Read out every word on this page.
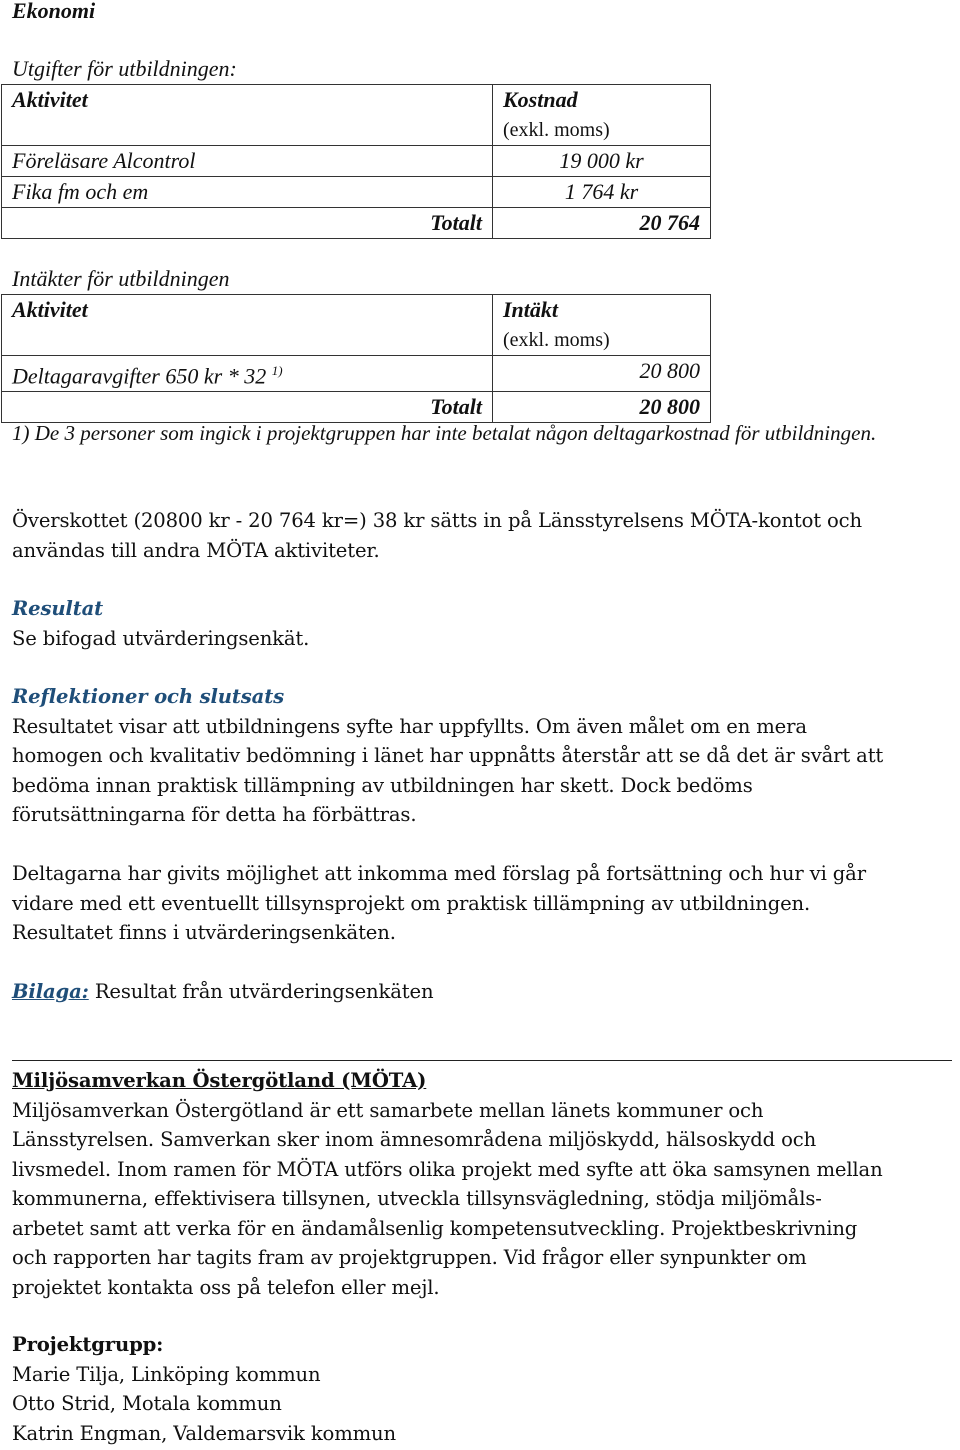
Ekonomi
Utgifter för utbildningen:
Aktivitet	Kostnad
(exkl. moms)

Föreläsare Alcontrol	19 000 kr
Fika fm och em	1 764 kr
Totalt	20 764
Intäkter för utbildningen
Aktivitet	Intäkt
(exkl. moms)

Deltagaravgifter 650 kr * 32 $^{1)}$	20 800
Totalt	20 800
1) De 3 personer som ingick i projektgruppen har inte betalat någon deltagarkostnad för utbildningen.
Överskottet (20800 kr - 20 764 kr=) 38 kr sätts in på Länsstyrelsens MÖTA-kontot och
användas till andra MÖTA aktiviteter.
Resultat
Se bifogad utvärderingsenkät.
Reflektioner och slutsats
Resultatet visar att utbildningens syfte har uppfyllts. Om även målet om en mera
homogen och kvalitativ bedömning i länet har uppnåtts återstår att se då det är svårt att
bedöma innan praktisk tillämpning av utbildningen har skett. Dock bedöms
förutsättningarna för detta ha förbättras.
Deltagarna har givits möjlighet att inkomma med förslag på fortsättning och hur vi går
vidare med ett eventuellt tillsynsprojekt om praktisk tillämpning av utbildningen.
Resultatet finns i utvärderingsenkäten.
Bilaga: Resultat från utvärderingsenkäten
Miljösamverkan Östergötland (MÖTA)
Miljösamverkan Östergötland är ett samarbete mellan länets kommuner och
Länsstyrelsen. Samverkan sker inom ämnesområdena miljöskydd, hälsoskydd och
livsmedel. Inom ramen för MÖTA utförs olika projekt med syfte att öka samsynen mellan
kommunerna, effektivisera tillsynen, utveckla tillsynsvägledning, stödja miljömåls-
arbetet samt att verka för en ändamålsenlig kompetensutveckling. Projektbeskrivning
och rapporten har tagits fram av projektgruppen. Vid frågor eller synpunkter om
projektet kontakta oss på telefon eller mejl.
Projektgrupp:
Marie Tilja, Linköping kommun
Otto Strid, Motala kommun
Katrin Engman, Valdemarsvik kommun
